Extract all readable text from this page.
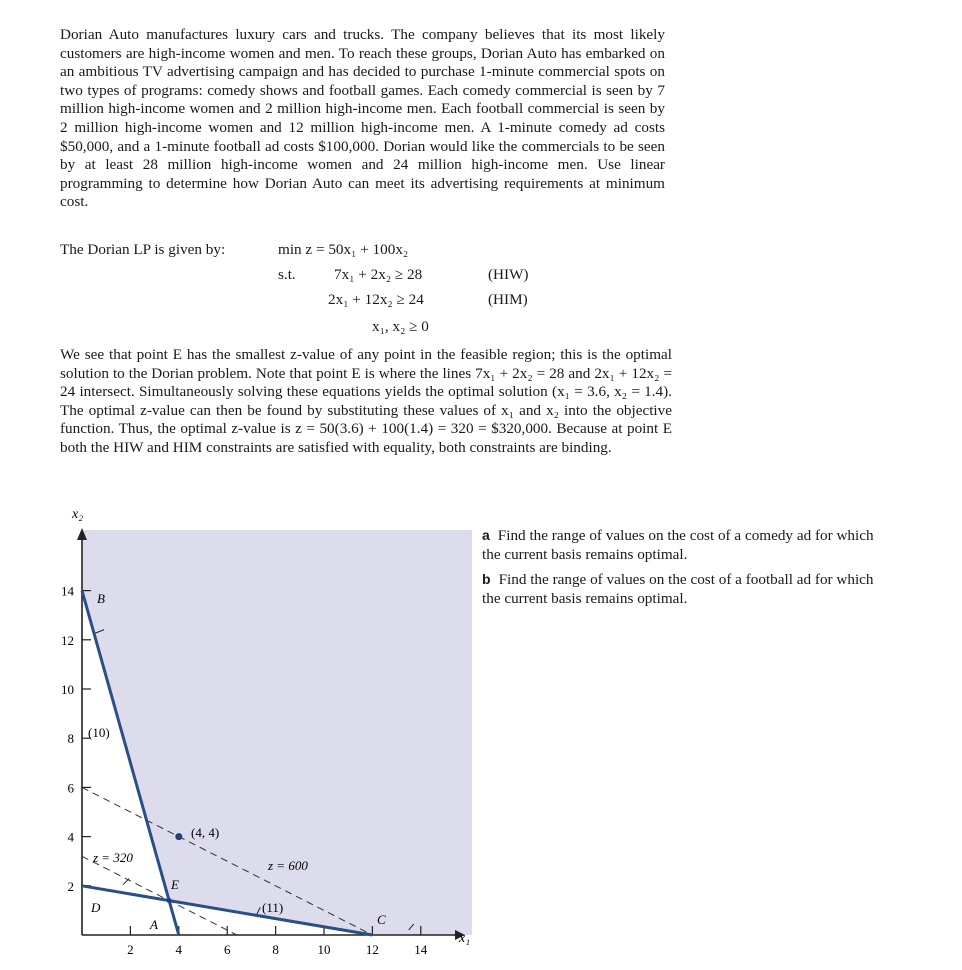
Dorian Auto manufactures luxury cars and trucks. The company believes that its most likely customers are high-income women and men. To reach these groups, Dorian Auto has embarked on an ambitious TV advertising campaign and has decided to purchase 1-minute commercial spots on two types of programs: comedy shows and football games. Each comedy commercial is seen by 7 million high-income women and 2 million high-income men. Each football commercial is seen by 2 million high-income women and 12 million high-income men. A 1-minute comedy ad costs $50,000, and a 1-minute football ad costs $100,000. Dorian would like the commercials to be seen by at least 28 million high-income women and 24 million high-income men. Use linear programming to determine how Dorian Auto can meet its advertising requirements at minimum cost.
The Dorian LP is given by:	min z = 50x₁ + 100x₂
s.t.	7x₁ + 2x₂ ≥ 28	(HIW)
2x₁ + 12x₂ ≥ 24	(HIM)
x₁, x₂ ≥ 0
We see that point E has the smallest z-value of any point in the feasible region; this is the optimal solution to the Dorian problem. Note that point E is where the lines 7x₁ + 2x₂ = 28 and 2x₁ + 12x₂ = 24 intersect. Simultaneously solving these equations yields the optimal solution (x₁ = 3.6, x₂ = 1.4). The optimal z-value can then be found by substituting these values of x₁ and x₂ into the objective function. Thus, the optimal z-value is z = 50(3.6) + 100(1.4) = 320 = $320,000. Because at point E both the HIW and HIM constraints are satisfied with equality, both constraints are binding.
a Find the range of values on the cost of a comedy ad for which the current basis remains optimal.
b Find the range of values on the cost of a football ad for which the current basis remains optimal.
2	4	6	8	10	12	14
2
4
6
8
10
12
14
x₂
x₁
(10)
(11)
z = 320
z = 600
B
E
C
A
D
(4, 4)
